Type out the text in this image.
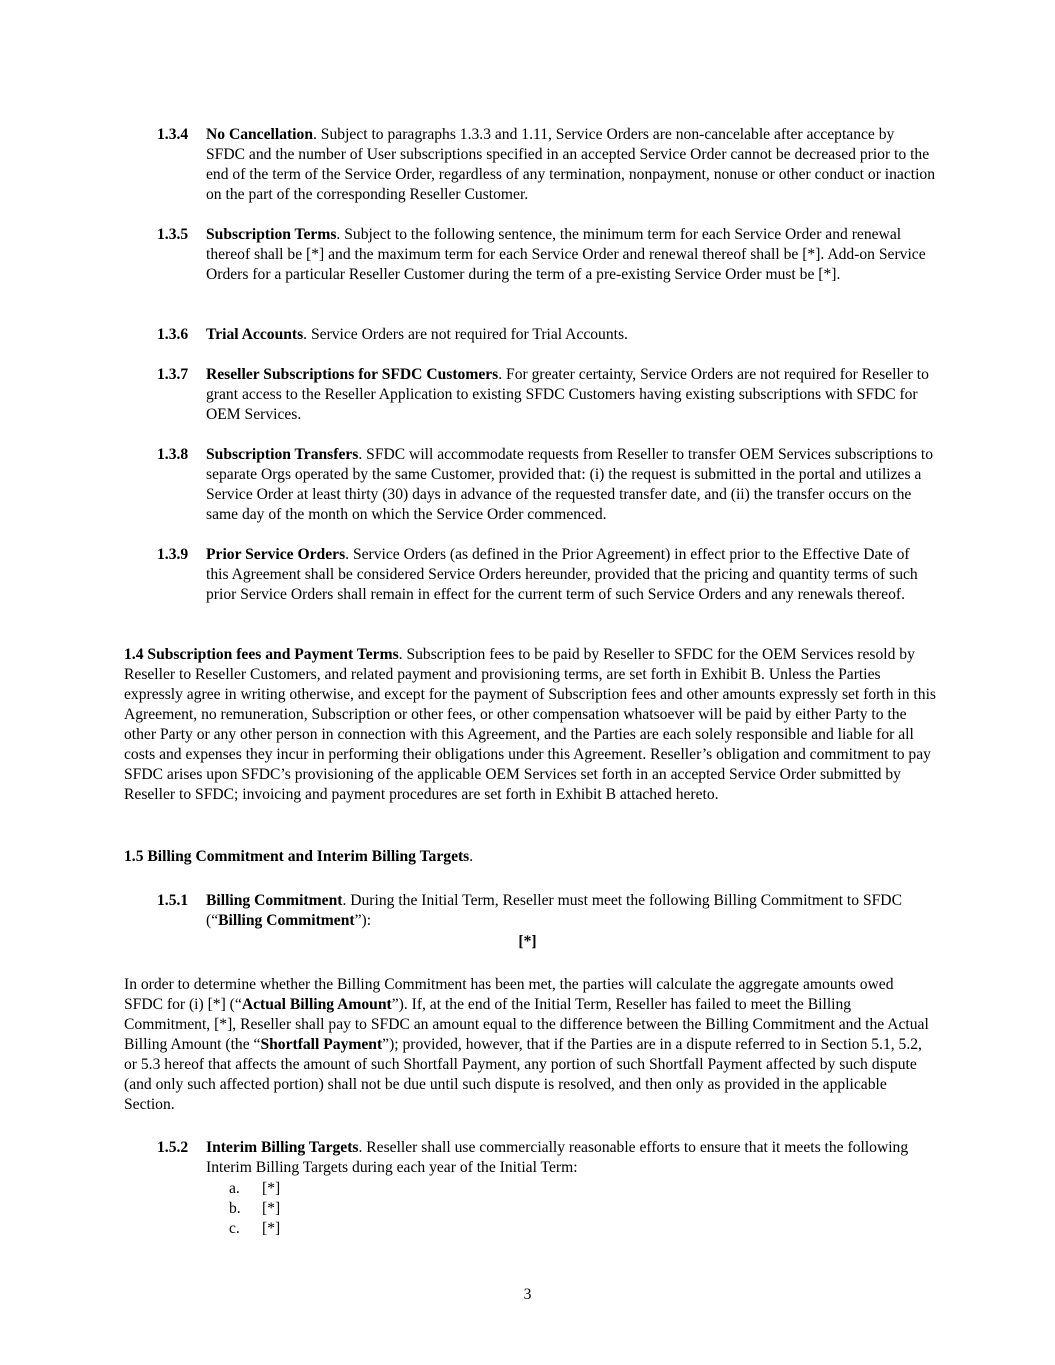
1.3.4 No Cancellation. Subject to paragraphs 1.3.3 and 1.11, Service Orders are non-cancelable after acceptance by SFDC and the number of User subscriptions specified in an accepted Service Order cannot be decreased prior to the end of the term of the Service Order, regardless of any termination, nonpayment, nonuse or other conduct or inaction on the part of the corresponding Reseller Customer.

1.3.5 Subscription Terms. Subject to the following sentence, the minimum term for each Service Order and renewal thereof shall be [*] and the maximum term for each Service Order and renewal thereof shall be [*]. Add-on Service Orders for a particular Reseller Customer during the term of a pre-existing Service Order must be [*].

1.3.6 Trial Accounts. Service Orders are not required for Trial Accounts.

1.3.7 Reseller Subscriptions for SFDC Customers. For greater certainty, Service Orders are not required for Reseller to grant access to the Reseller Application to existing SFDC Customers having existing subscriptions with SFDC for OEM Services.

1.3.8 Subscription Transfers. SFDC will accommodate requests from Reseller to transfer OEM Services subscriptions to separate Orgs operated by the same Customer, provided that: (i) the request is submitted in the portal and utilizes a Service Order at least thirty (30) days in advance of the requested transfer date, and (ii) the transfer occurs on the same day of the month on which the Service Order commenced.

1.3.9 Prior Service Orders. Service Orders (as defined in the Prior Agreement) in effect prior to the Effective Date of this Agreement shall be considered Service Orders hereunder, provided that the pricing and quantity terms of such prior Service Orders shall remain in effect for the current term of such Service Orders and any renewals thereof.

1.4 Subscription fees and Payment Terms. Subscription fees to be paid by Reseller to SFDC for the OEM Services resold by Reseller to Reseller Customers, and related payment and provisioning terms, are set forth in Exhibit B. Unless the Parties expressly agree in writing otherwise, and except for the payment of Subscription fees and other amounts expressly set forth in this Agreement, no remuneration, Subscription or other fees, or other compensation whatsoever will be paid by either Party to the other Party or any other person in connection with this Agreement, and the Parties are each solely responsible and liable for all costs and expenses they incur in performing their obligations under this Agreement. Reseller’s obligation and commitment to pay SFDC arises upon SFDC’s provisioning of the applicable OEM Services set forth in an accepted Service Order submitted by Reseller to SFDC; invoicing and payment procedures are set forth in Exhibit B attached hereto.

1.5 Billing Commitment and Interim Billing Targets.

1.5.1 Billing Commitment. During the Initial Term, Reseller must meet the following Billing Commitment to SFDC (“Billing Commitment”):

[*]

In order to determine whether the Billing Commitment has been met, the parties will calculate the aggregate amounts owed SFDC for (i) [*] (“Actual Billing Amount”). If, at the end of the Initial Term, Reseller has failed to meet the Billing Commitment, [*], Reseller shall pay to SFDC an amount equal to the difference between the Billing Commitment and the Actual Billing Amount (the “Shortfall Payment”); provided, however, that if the Parties are in a dispute referred to in Section 5.1, 5.2, or 5.3 hereof that affects the amount of such Shortfall Payment, any portion of such Shortfall Payment affected by such dispute (and only such affected portion) shall not be due until such dispute is resolved, and then only as provided in the applicable Section.

1.5.2 Interim Billing Targets. Reseller shall use commercially reasonable efforts to ensure that it meets the following Interim Billing Targets during each year of the Initial Term:

a. [*]
b. [*]
c. [*]
3
